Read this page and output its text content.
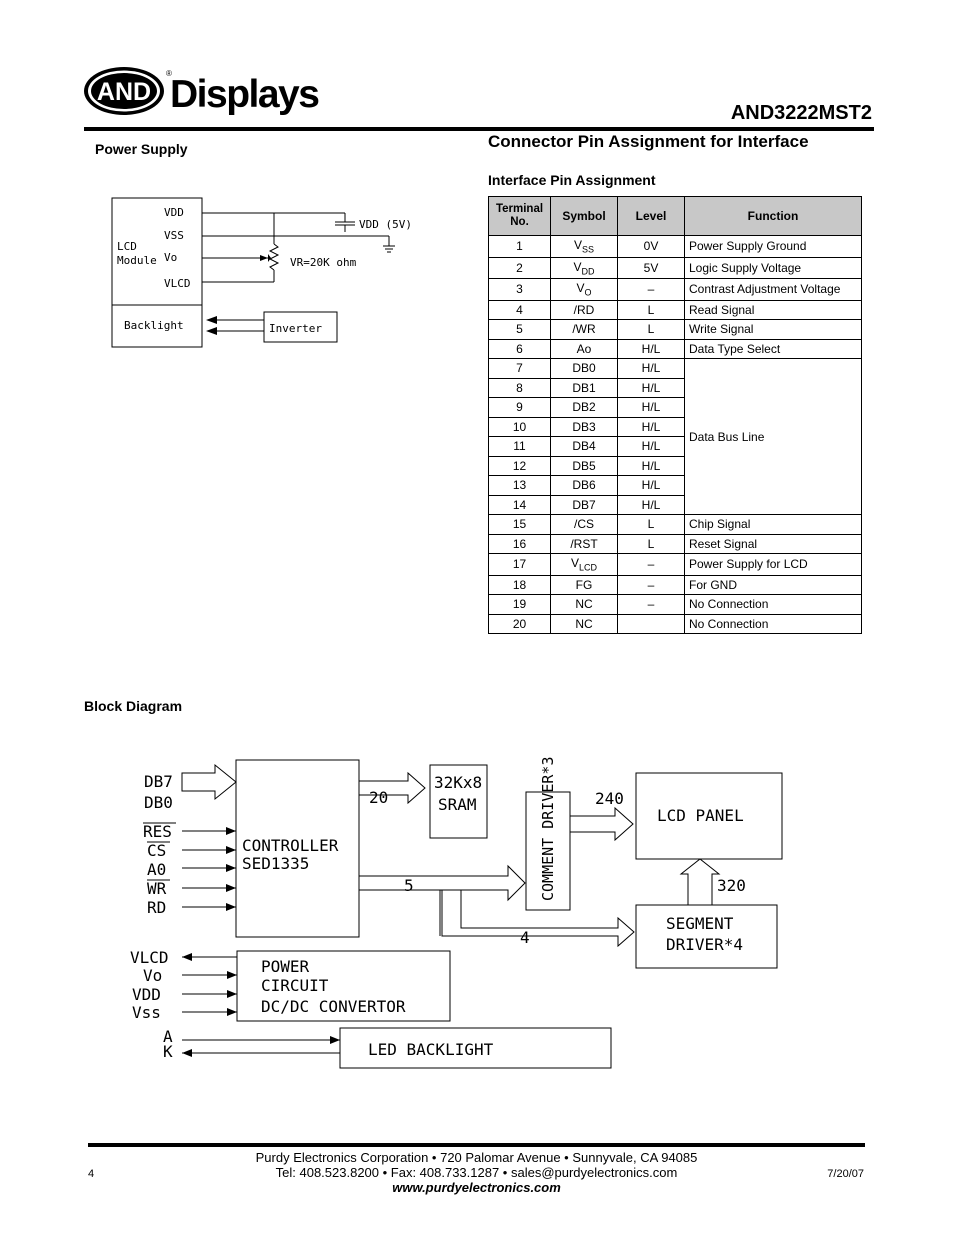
AND
®
Displays	AND3222MST2
Power Supply	Connector Pin Assignment for Interface
Interface Pin Assignment
VDD
VSS
LCD
Module Vo
VLCD
VDD (5V)
VR=20K ohm
Backlight	Inverter
Terminal
No.	Symbol	Level	Function
1	$V_{SS}$	0V	Power Supply Ground
2	$V_{DD}$	5V	Logic Supply Voltage
3	$V_O$	–	Contrast Adjustment Voltage
4	/RD	L	Read Signal
5	/WR	L	Write Signal
6	Ao	H/L	Data Type Select
7	DB0	H/L	Data Bus Line
8	DB1	H/L	
9	DB2	H/L	
10	DB3	H/L	
11	DB4	H/L	
12	DB5	H/L	
13	DB6	H/L	
14	DB7	H/L	
15	/CS	L	Chip Signal
16	/RST	L	Reset Signal
17	$V_{LCD}$	–	Power Supply for LCD
18	FG	–	For GND
19	NC	–	No Connection
20	NC		No Connection
Block Diagram
DB7
DB0
RES
CS
A0
WR
RD
CONTROLLER
SED1335
32Kx8
SRAM
20	240
LCD PANEL
320
5
4
SEGMENT
DRIVER*4
VLCD
Vo
VDD
Vss
POWER
CIRCUIT
DC/DC CONVERTOR
A
K	LED BACKLIGHT
COMMENT DRIVER*3
Purdy Electronics Corporation • 720 Palomar Avenue • Sunnyvale, CA 94085
Tel: 408.523.8200 • Fax: 408.733.1287 • sales@purdyelectronics.com
www.purdyelectronics.com
4	7/20/07
